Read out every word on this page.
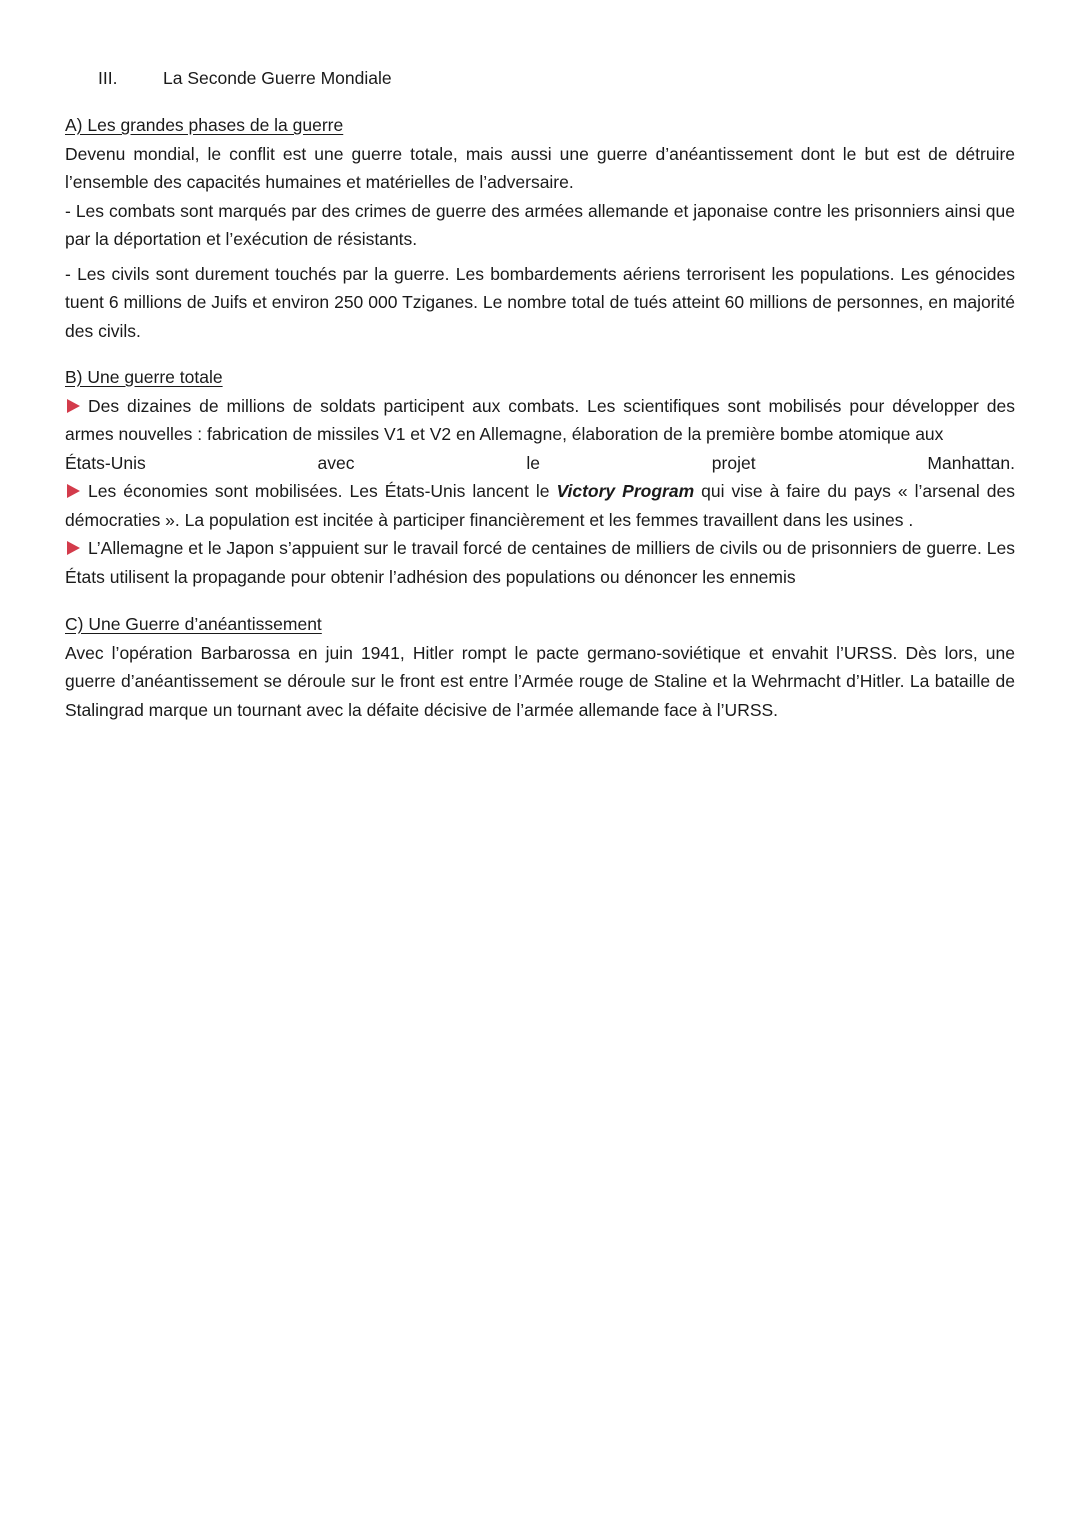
III.	La Seconde Guerre Mondiale
A) Les grandes phases de la guerre

Devenu mondial, le conflit est une guerre totale, mais aussi une guerre d’anéantissement dont le but est de détruire l’ensemble des capacités humaines et matérielles de l’adversaire.

- Les combats sont marqués par des crimes de guerre des armées allemande et japonaise contre les prisonniers ainsi que par la déportation et l’exécution de résistants.

- Les civils sont durement touchés par la guerre. Les bombardements aériens terrorisent les populations. Les génocides tuent 6 millions de Juifs et environ 250 000 Tziganes. Le nombre total de tués atteint 60 millions de personnes, en majorité des civils.

B) Une guerre totale

Des dizaines de millions de soldats participent aux combats. Les scientifiques sont mobilisés pour développer des armes nouvelles : fabrication de missiles V1 et V2 en Allemagne, élaboration de la première bombe atomique aux

États-Unis	avec	le	projet	Manhattan.

Les économies sont mobilisées. Les États-Unis lancent le Victory Program qui vise à faire du pays « l’arsenal des démocraties ». La population est incitée à participer financièrement et les femmes travaillent dans les usines .

L’Allemagne et le Japon s’appuient sur le travail forcé de centaines de milliers de civils ou de prisonniers de guerre. Les États utilisent la propagande pour obtenir l’adhésion des populations ou dénoncer les ennemis

C) Une Guerre d’anéantissement

Avec l’opération Barbarossa en juin 1941, Hitler rompt le pacte germano-soviétique et envahit l’URSS. Dès lors, une guerre d’anéantissement se déroule sur le front est entre l’Armée rouge de Staline et la Wehrmacht d’Hitler. La bataille de Stalingrad marque un tournant avec la défaite décisive de l’armée allemande face à l’URSS.
